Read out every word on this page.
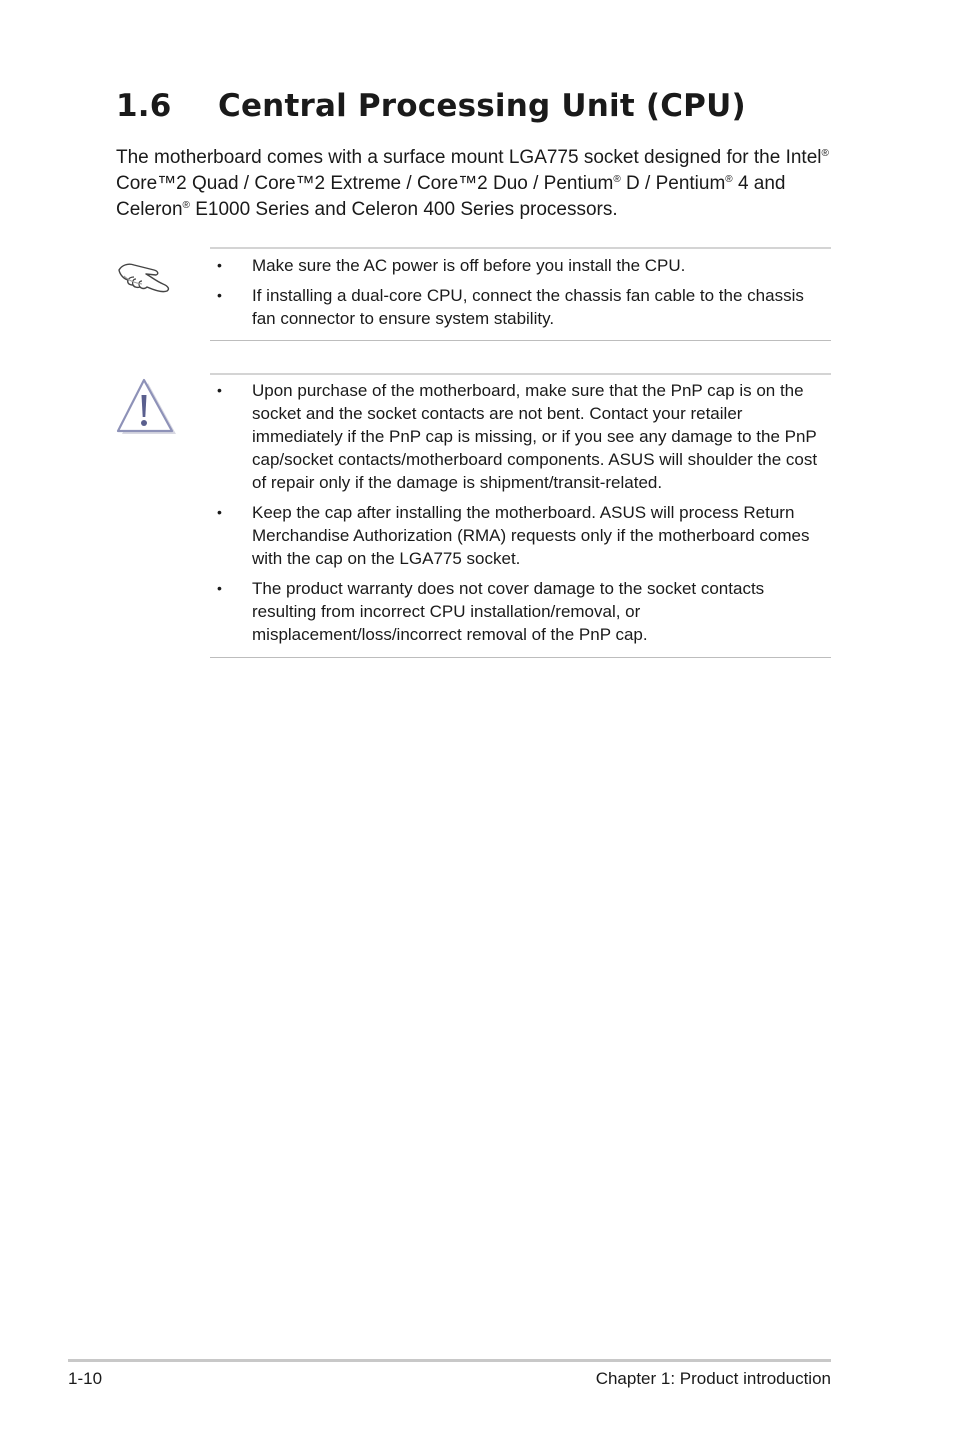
1.6 Central Processing Unit (CPU)

The motherboard comes with a surface mount LGA775 socket designed for the Intel® Core™2 Quad / Core™2 Extreme / Core™2 Duo / Pentium® D / Pentium® 4 and Celeron® E1000 Series and Celeron 400 Series processors.

• Make sure the AC power is off before you install the CPU.
• If installing a dual-core CPU, connect the chassis fan cable to the chassis fan connector to ensure system stability.
• Upon purchase of the motherboard, make sure that the PnP cap is on the socket and the socket contacts are not bent. Contact your retailer immediately if the PnP cap is missing, or if you see any damage to the PnP cap/socket contacts/motherboard components. ASUS will shoulder the cost of repair only if the damage is shipment/transit-related.
• Keep the cap after installing the motherboard. ASUS will process Return Merchandise Authorization (RMA) requests only if the motherboard comes with the cap on the LGA775 socket.
• The product warranty does not cover damage to the socket contacts resulting from incorrect CPU installation/removal, or misplacement/loss/incorrect removal of the PnP cap.
1-10	Chapter 1: Product introduction
